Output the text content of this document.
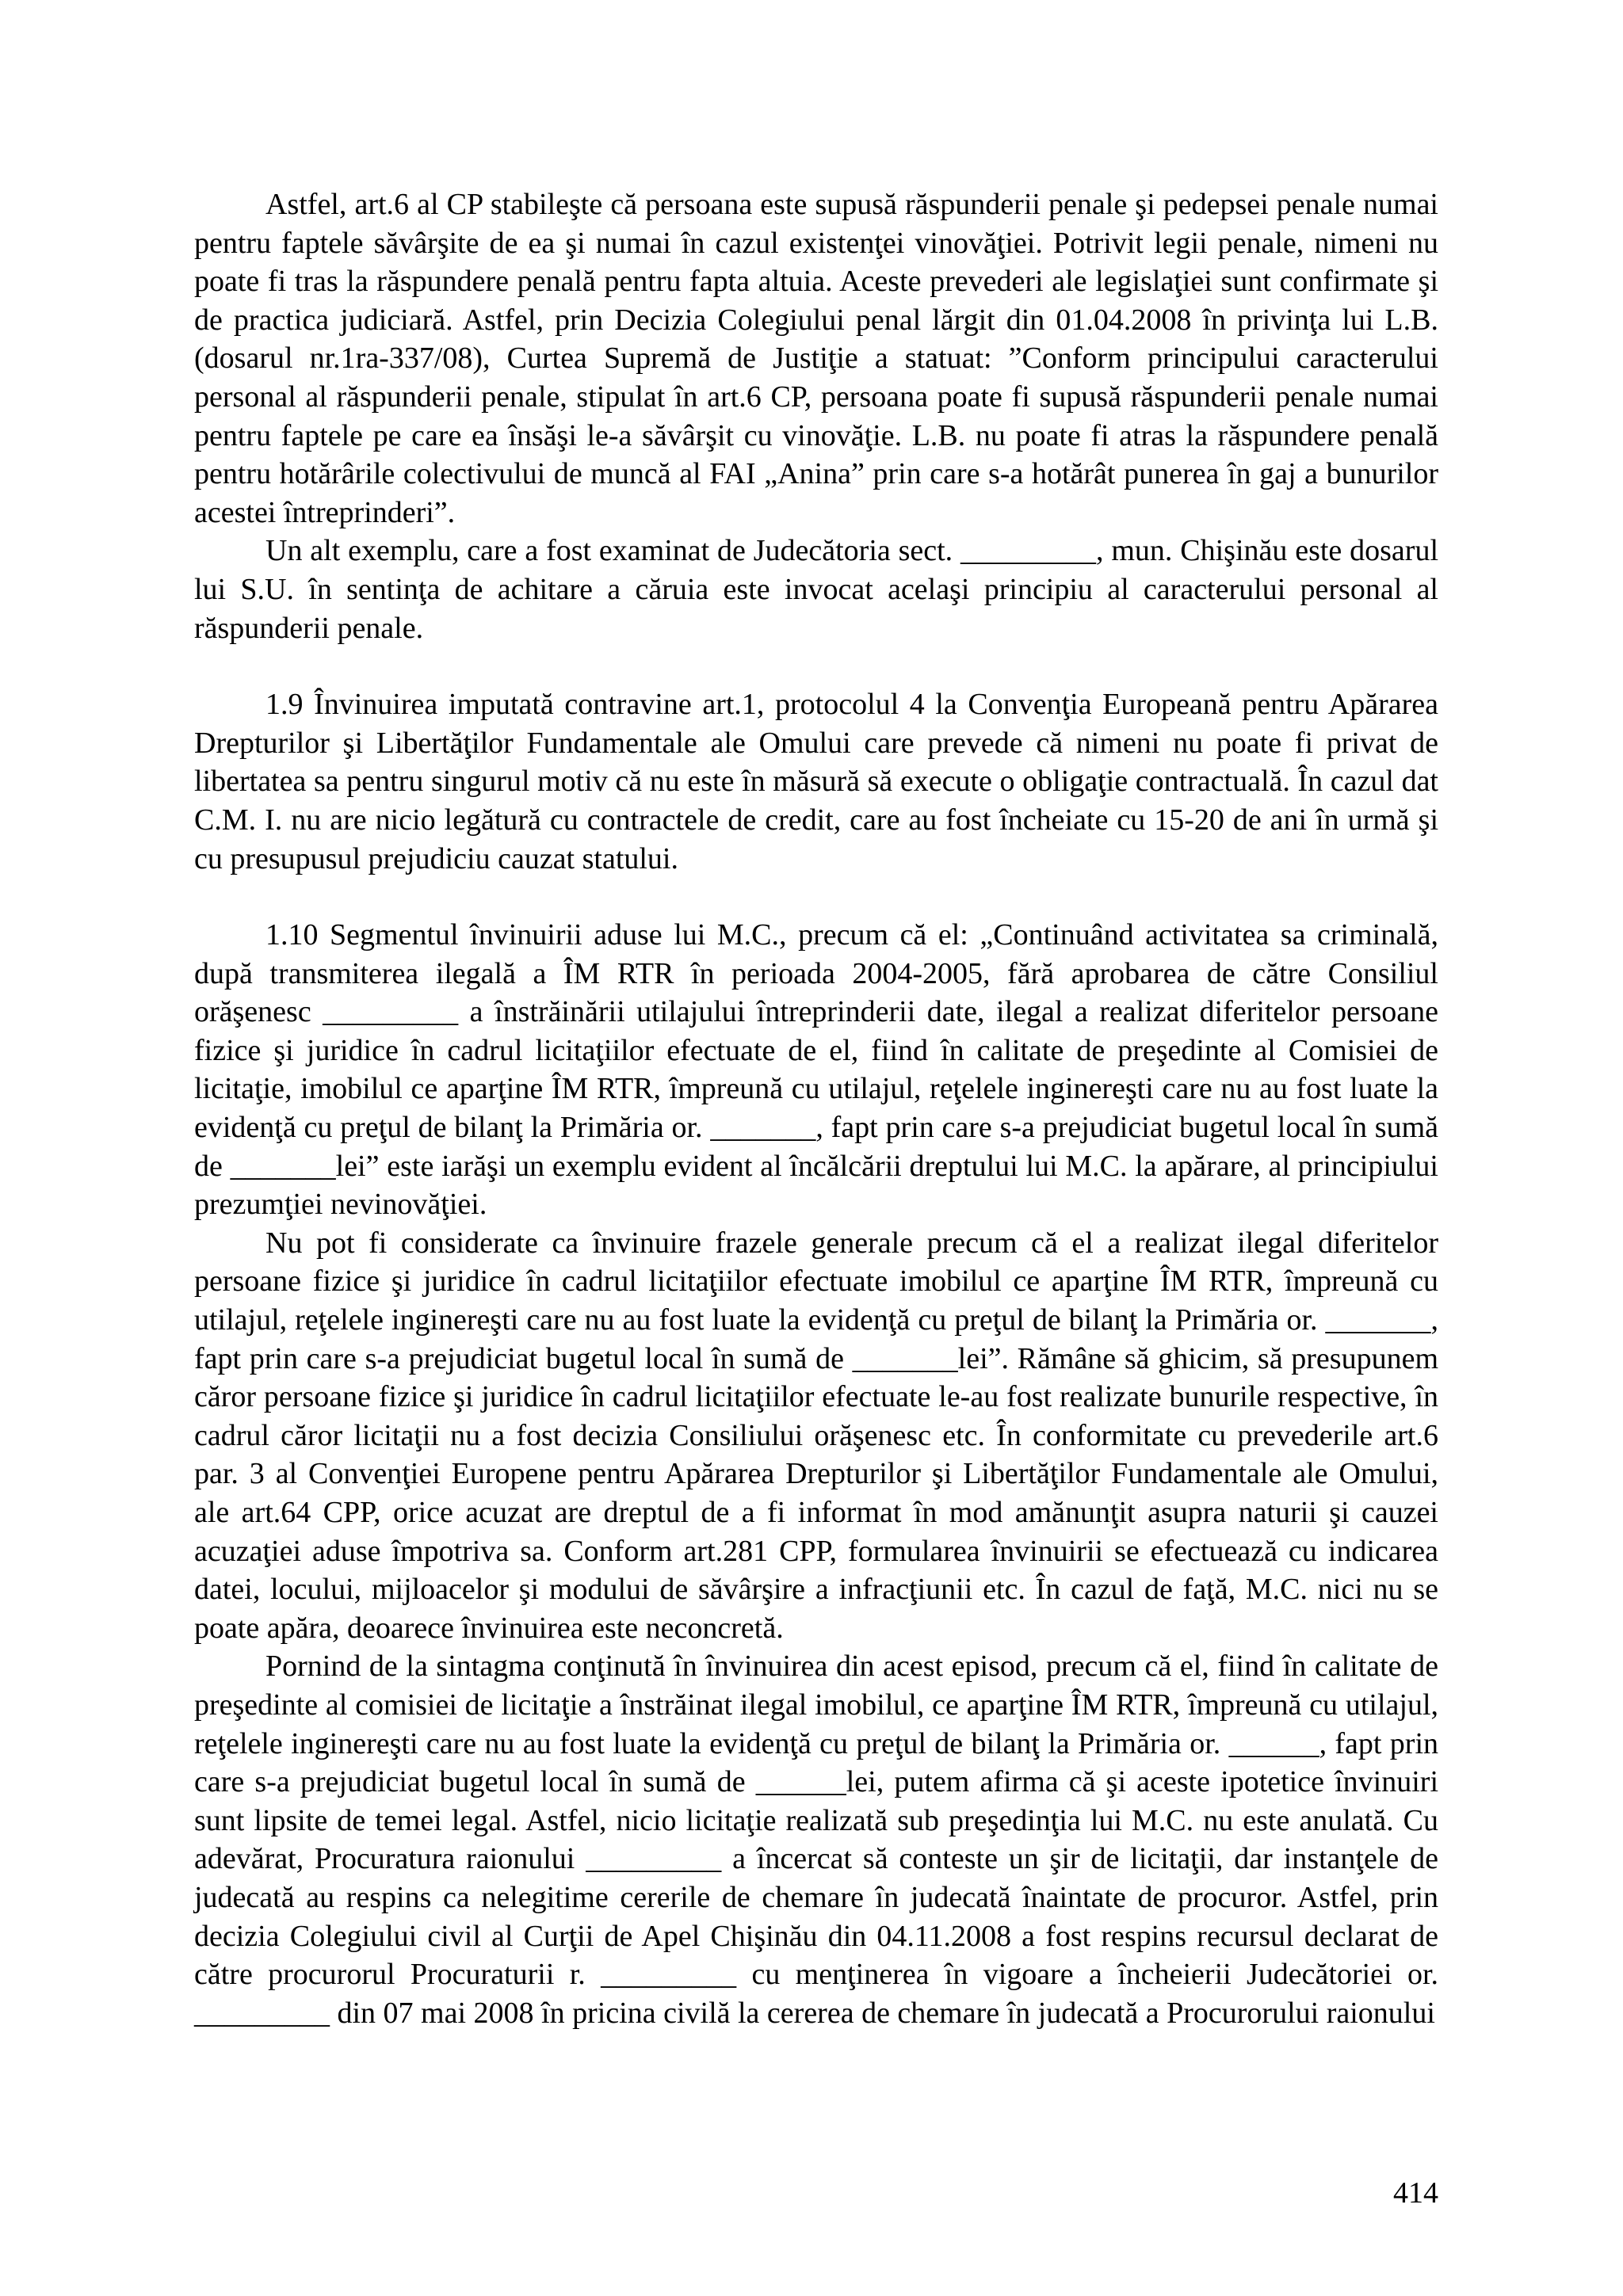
Astfel, art.6 al CP stabileşte că persoana este supusă răspunderii penale şi pedepsei penale numai pentru faptele săvârşite de ea şi numai în cazul existenţei vinovăţiei. Potrivit legii penale, nimeni nu poate fi tras la răspundere penală pentru fapta altuia. Aceste prevederi ale legislaţiei sunt confirmate şi de practica judiciară. Astfel, prin Decizia Colegiului penal lărgit din 01.04.2008 în privinţa lui L.B. (dosarul nr.1ra-337/08), Curtea Supremă de Justiţie a statuat: ”Conform principului caracterului personal al răspunderii penale, stipulat în art.6 CP, persoana poate fi supusă răspunderii penale numai pentru faptele pe care ea însăşi le-a săvârşit cu vinovăţie. L.B. nu poate fi atras la răspundere penală pentru hotărârile colectivului de muncă al FAI „Anina” prin care s-a hotărât punerea în gaj a bunurilor acestei întreprinderi”.

Un alt exemplu, care a fost examinat de Judecătoria sect. _________, mun. Chişinău este dosarul lui S.U. în sentinţa de achitare a căruia este invocat acelaşi principiu al caracterului personal al răspunderii penale.

1.9 Învinuirea imputată contravine art.1, protocolul 4 la Convenţia Europeană pentru Apărarea Drepturilor şi Libertăţilor Fundamentale ale Omului care prevede că nimeni nu poate fi privat de libertatea sa pentru singurul motiv că nu este în măsură să execute o obligaţie contractuală. În cazul dat C.M. I. nu are nicio legătură cu contractele de credit, care au fost încheiate cu 15-20 de ani în urmă şi cu presupusul prejudiciu cauzat statului.

1.10 Segmentul învinuirii aduse lui M.C., precum că el: „Continuând activitatea sa criminală, după transmiterea ilegală a ÎM RTR în perioada 2004-2005, fără aprobarea de către Consiliul orăşenesc _________ a înstrăinării utilajului întreprinderii date, ilegal a realizat diferitelor persoane fizice şi juridice în cadrul licitaţiilor efectuate de el, fiind în calitate de preşedinte al Comisiei de licitaţie, imobilul ce aparţine ÎM RTR, împreună cu utilajul, reţelele inginereşti care nu au fost luate la evidenţă cu preţul de bilanţ la Primăria or. _______, fapt prin care s-a prejudiciat bugetul local în sumă de _______lei” este iarăşi un exemplu evident al încălcării dreptului lui M.C. la apărare, al principiului prezumţiei nevinovăţiei.

Nu pot fi considerate ca învinuire frazele generale precum că el a realizat ilegal diferitelor persoane fizice şi juridice în cadrul licitaţiilor efectuate imobilul ce aparţine ÎM RTR, împreună cu utilajul, reţelele inginereşti care nu au fost luate la evidenţă cu preţul de bilanţ la Primăria or. _______, fapt prin care s-a prejudiciat bugetul local în sumă de _______lei”. Rămâne să ghicim, să presupunem căror persoane fizice şi juridice în cadrul licitaţiilor efectuate le-au fost realizate bunurile respective, în cadrul căror licitaţii nu a fost decizia Consiliului orăşenesc etc. În conformitate cu prevederile art.6 par. 3 al Convenţiei Europene pentru Apărarea Drepturilor şi Libertăţilor Fundamentale ale Omului, ale art.64 CPP, orice acuzat are dreptul de a fi informat în mod amănunţit asupra naturii şi cauzei acuzaţiei aduse împotriva sa. Conform art.281 CPP, formularea învinuirii se efectuează cu indicarea datei, locului, mijloacelor şi modului de săvârşire a infracţiunii etc. În cazul de faţă, M.C. nici nu se poate apăra, deoarece învinuirea este neconcretă.

Pornind de la sintagma conţinută în învinuirea din acest episod, precum că el, fiind în calitate de preşedinte al comisiei de licitaţie a înstrăinat ilegal imobilul, ce aparţine ÎM RTR, împreună cu utilajul, reţelele inginereşti care nu au fost luate la evidenţă cu preţul de bilanţ la Primăria or. ______, fapt prin care s-a prejudiciat bugetul local în sumă de ______lei, putem afirma că şi aceste ipotetice învinuiri sunt lipsite de temei legal. Astfel, nicio licitaţie realizată sub preşedinţia lui M.C. nu este anulată. Cu adevărat, Procuratura raionului _________ a încercat să conteste un şir de licitaţii, dar instanţele de judecată au respins ca nelegitime cererile de chemare în judecată înaintate de procuror. Astfel, prin decizia Colegiului civil al Curţii de Apel Chişinău din 04.11.2008 a fost respins recursul declarat de către procurorul Procuraturii r. _________ cu menţinerea în vigoare a încheierii Judecătoriei or. _________ din 07 mai 2008 în pricina civilă la cererea de chemare în judecată a Procurorului raionului

414
